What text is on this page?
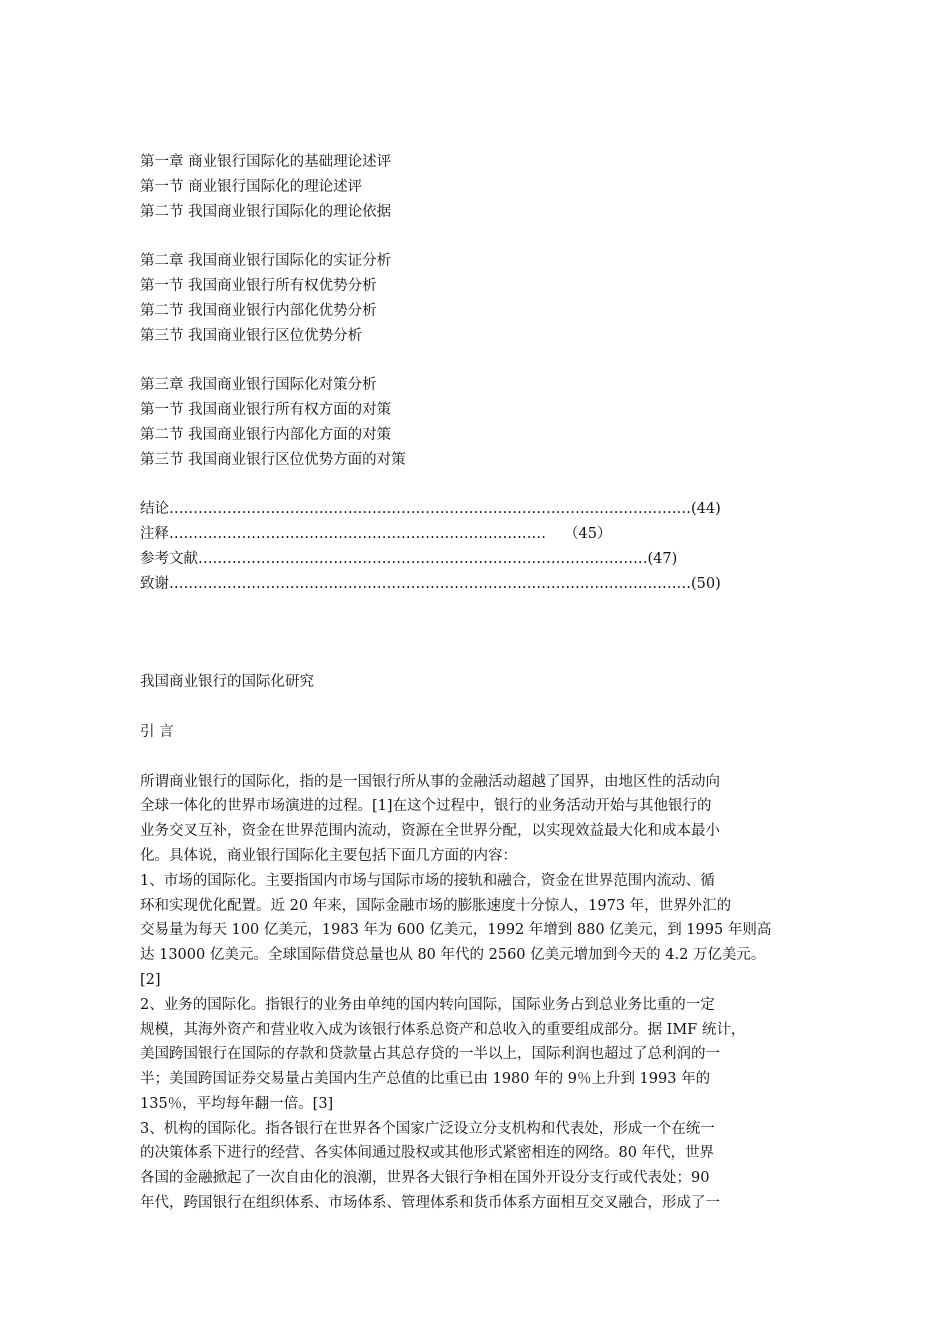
第一章 商业银行国际化的基础理论述评
第一节 商业银行国际化的理论述评
第二节 我国商业银行国际化的理论依据
第二章 我国商业银行国际化的实证分析
第一节 我国商业银行所有权优势分析
第二节 我国商业银行内部化优势分析
第三节 我国商业银行区位优势分析
第三章 我国商业银行国际化对策分析
第一节 我国商业银行所有权方面的对策
第二节 我国商业银行内部化方面的对策
第三节 我国商业银行区位优势方面的对策
结论………………………………………………………………………………………………(44)
注释…………………………………………………………………… （45）
参考文献…………………………………………………………………………………(47)
致谢………………………………………………………………………………………………(50)
我国商业银行的国际化研究
引 言
所谓商业银行的国际化，指的是一国银行所从事的金融活动超越了国界，由地区性的活动向
全球一体化的世界市场演进的过程。[1]在这个过程中，银行的业务活动开始与其他银行的
业务交叉互补，资金在世界范围内流动，资源在全世界分配，以实现效益最大化和成本最小
化。具体说，商业银行国际化主要包括下面几方面的内容：
1、市场的国际化。主要指国内市场与国际市场的接轨和融合，资金在世界范围内流动、循
环和实现优化配置。近 20 年来，国际金融市场的膨胀速度十分惊人，1973 年，世界外汇的
交易量为每天 100 亿美元，1983 年为 600 亿美元，1992 年增到 880 亿美元，到 1995 年则高
达 13000 亿美元。全球国际借贷总量也从 80 年代的 2560 亿美元增加到今天的 4.2 万亿美元。
[2]
2、业务的国际化。指银行的业务由单纯的国内转向国际，国际业务占到总业务比重的一定
规模，其海外资产和营业收入成为该银行体系总资产和总收入的重要组成部分。据 IMF 统计，
美国跨国银行在国际的存款和贷款量占其总存贷的一半以上，国际利润也超过了总利润的一
半；美国跨国证券交易量占美国内生产总值的比重已由 1980 年的 9％上升到 1993 年的
135％，平均每年翻一倍。[3]
3、机构的国际化。指各银行在世界各个国家广泛设立分支机构和代表处，形成一个在统一
的决策体系下进行的经营、各实体间通过股权或其他形式紧密相连的网络。80 年代，世界
各国的金融掀起了一次自由化的浪潮，世界各大银行争相在国外开设分支行或代表处；90
年代，跨国银行在组织体系、市场体系、管理体系和货币体系方面相互交叉融合，形成了一
